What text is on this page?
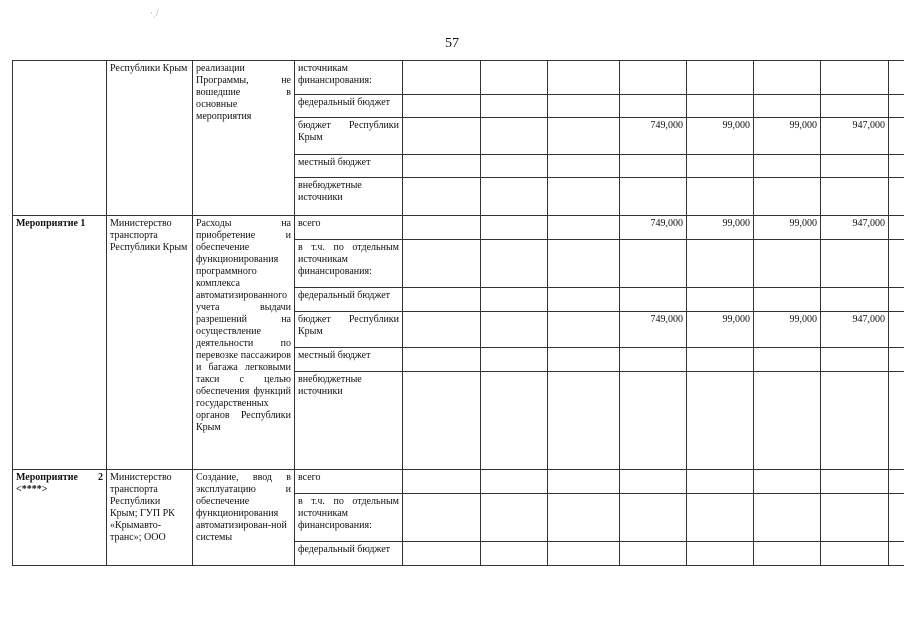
·ˌ/
57
	Республики Крым	реализации Программы, не вошедшие в основные мероприятия	источникам финансирования:								
			федеральный бюджет								
			бюджет Республики Крым				749,000	99,000	99,000	947,000	
			местный бюджет								
			внебюджетные источники								
Мероприятие 1	Министерство транспорта Республики Крым	Расходы на приобретение и обеспечение функционирования программного комплекса автоматизированного учета выдачи разрешений на осуществление деятельности по перевозке пассажиров и багажа легковыми такси с целью обеспечения функций государственных органов Республики Крым	всего				749,000	99,000	99,000	947,000	
			в т.ч. по отдельным источникам финансирования:								
			федеральный бюджет								
			бюджет Республики Крым				749,000	99,000	99,000	947,000	
			местный бюджет								
			внебюджетные источники								
Мероприятие 2 <****>	Министерство транспорта Республики Крым; ГУП РК «Крымавто-транс»; ООО	Создание, ввод в эксплуатацию и обеспечение функционирования автоматизирован-ной системы	всего								
			в т.ч. по отдельным источникам финансирования:								
			федеральный бюджет								
